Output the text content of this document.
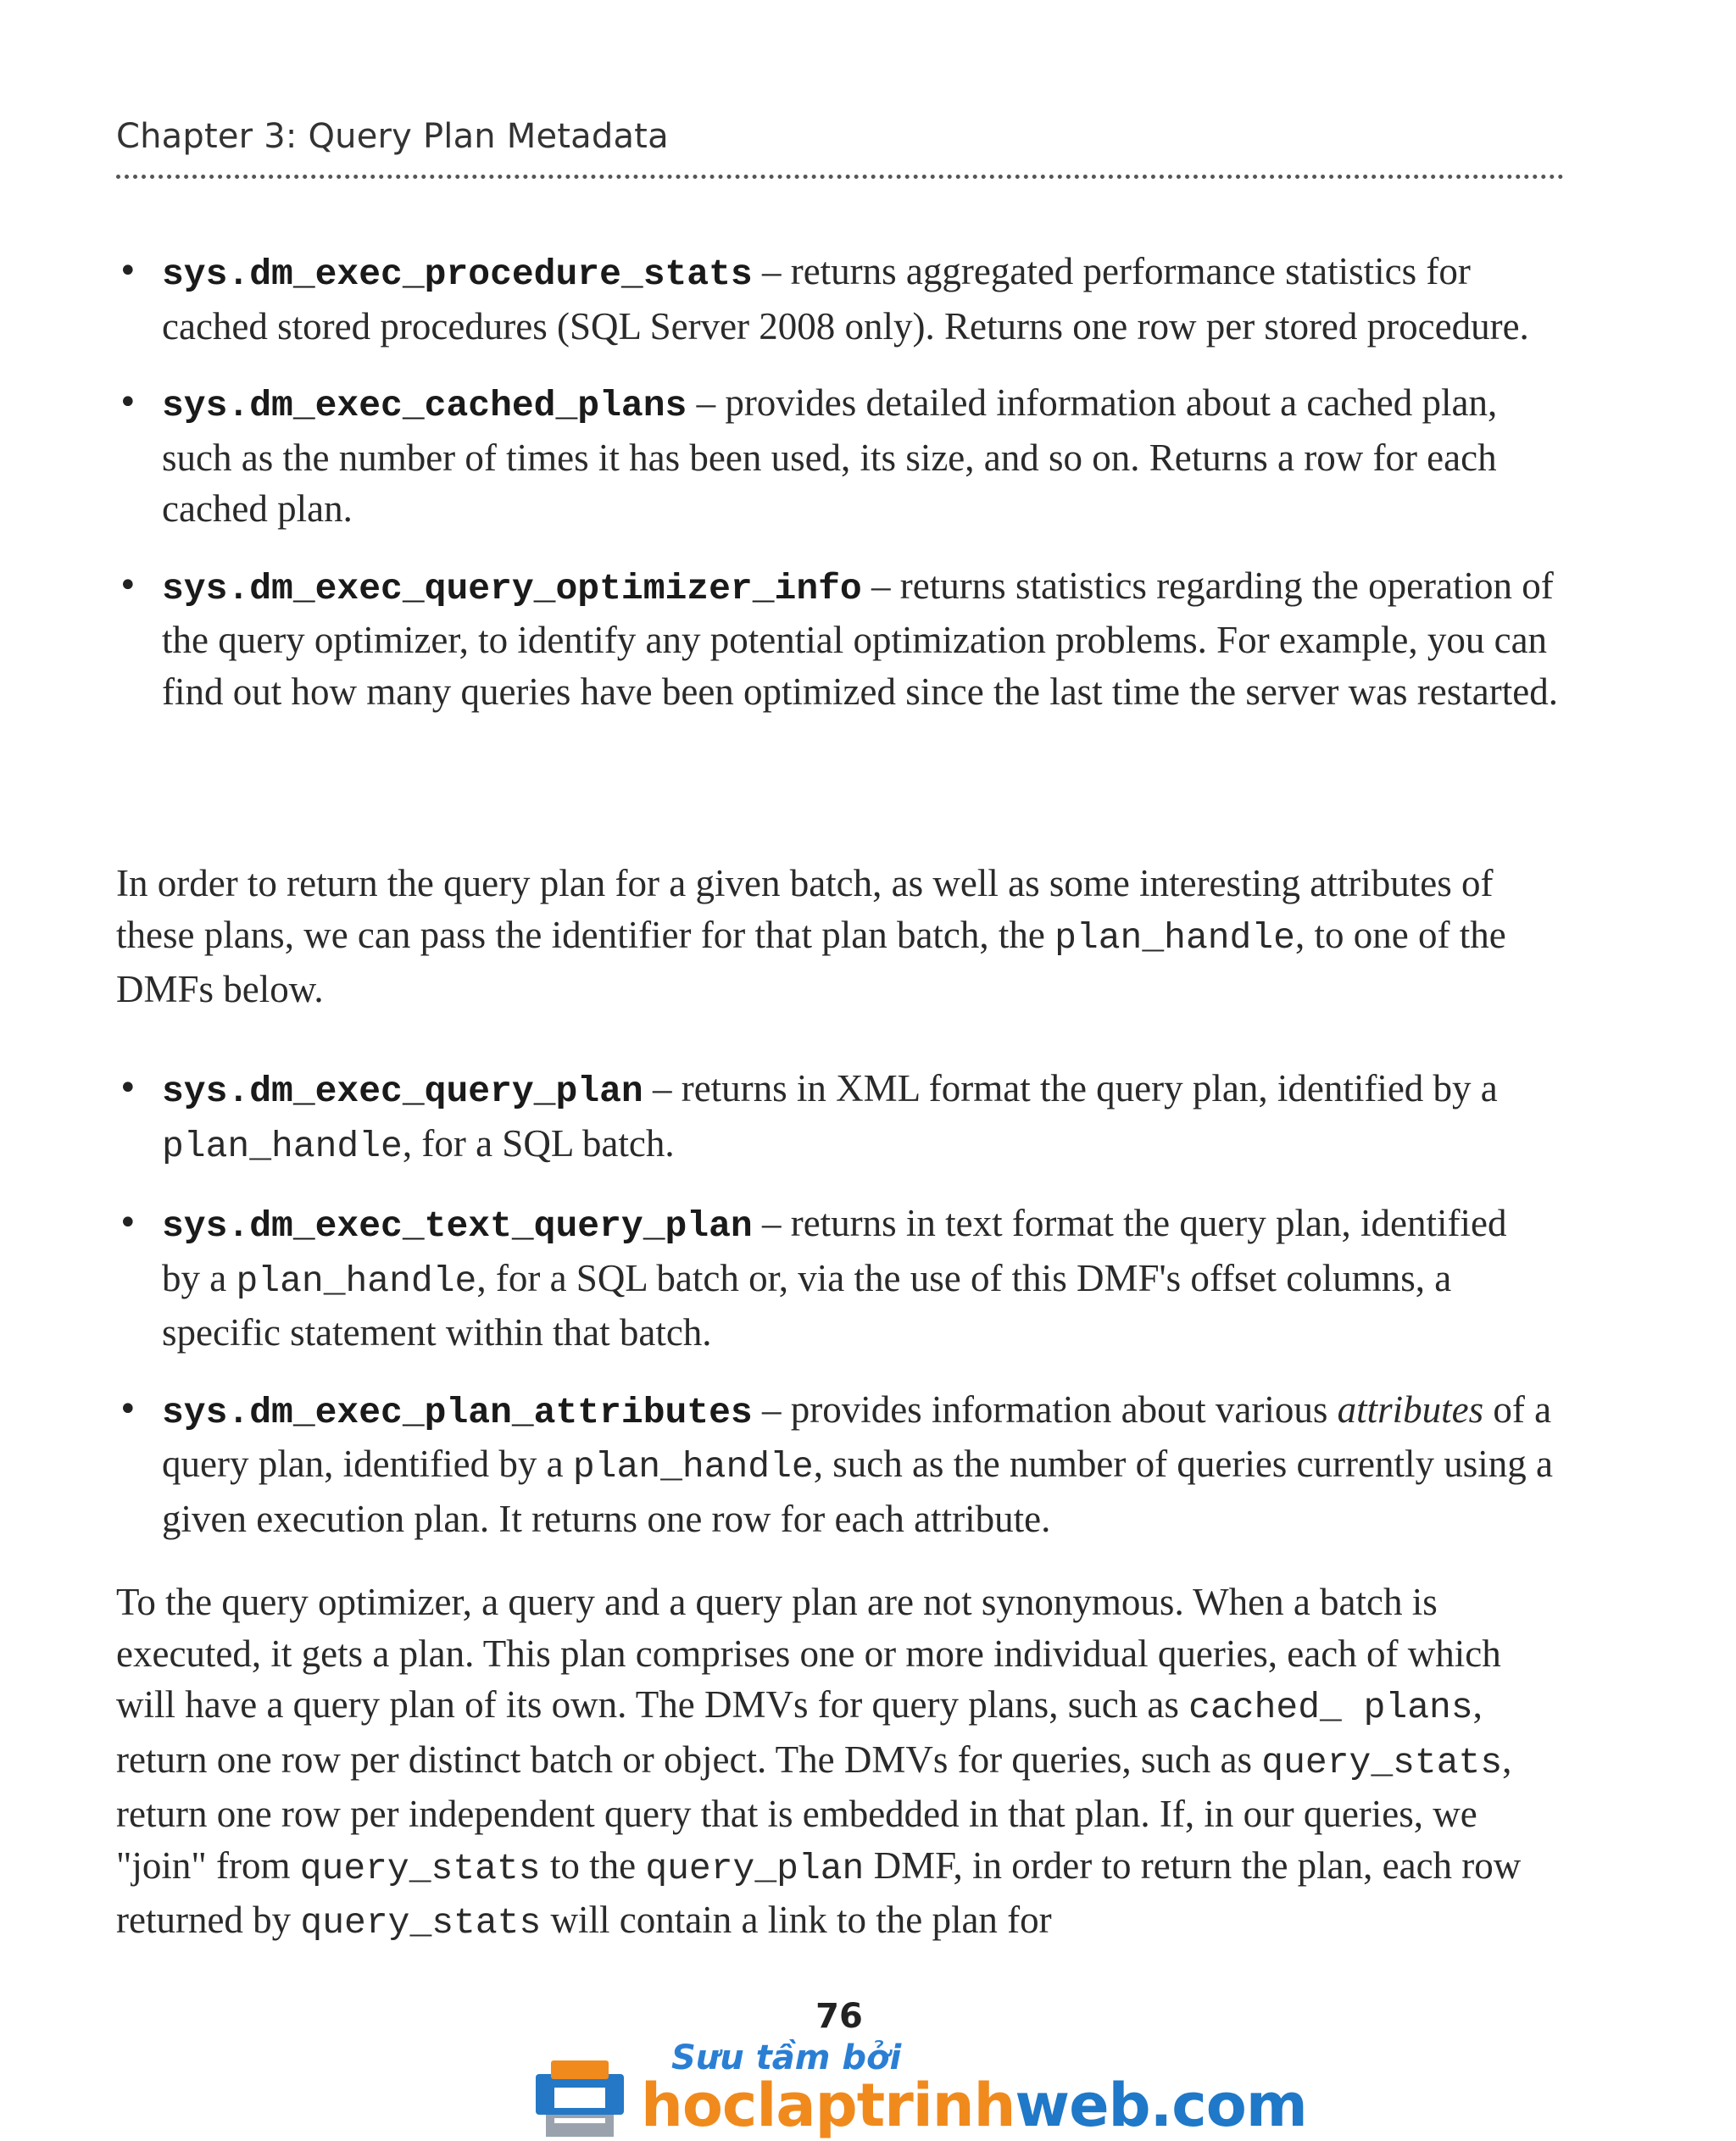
Chapter 3: Query Plan Metadata
• sys.dm_exec_procedure_stats – returns aggregated performance statistics for cached stored procedures (SQL Server 2008 only). Returns one row per stored procedure.
• sys.dm_exec_cached_plans – provides detailed information about a cached plan, such as the number of times it has been used, its size, and so on. Returns a row for each cached plan.
• sys.dm_exec_query_optimizer_info – returns statistics regarding the operation of the query optimizer, to identify any potential optimization problems. For example, you can find out how many queries have been optimized since the last time the server was restarted.

In order to return the query plan for a given batch, as well as some interesting attributes of these plans, we can pass the identifier for that plan batch, the plan_handle, to one of the DMFs below.

• sys.dm_exec_query_plan – returns in XML format the query plan, identified by a plan_handle, for a SQL batch.
• sys.dm_exec_text_query_plan – returns in text format the query plan, identified by a plan_handle, for a SQL batch or, via the use of this DMF's offset columns, a specific statement within that batch.
• sys.dm_exec_plan_attributes – provides information about various attributes of a query plan, identified by a plan_handle, such as the number of queries currently using a given execution plan. It returns one row for each attribute.

To the query optimizer, a query and a query plan are not synonymous. When a batch is executed, it gets a plan. This plan comprises one or more individual queries, each of which will have a query plan of its own. The DMVs for query plans, such as cached_ plans, return one row per distinct batch or object. The DMVs for queries, such as query_stats, return one row per independent query that is embedded in that plan. If, in our queries, we "join" from query_stats to the query_plan DMF, in order to return the plan, each row returned by query_stats will contain a link to the plan for

76
Sưu tầm bởi
hoclaptrinhweb.com
